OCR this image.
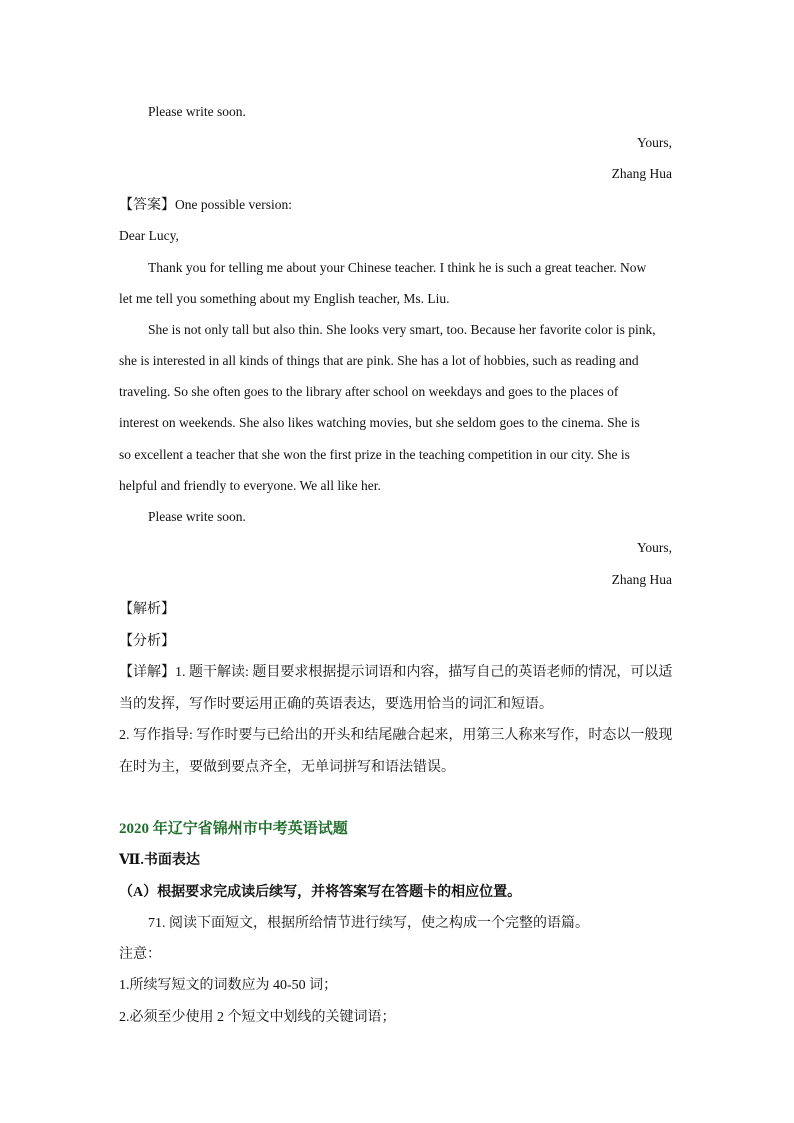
Please write soon.
Yours,
Zhang Hua
【答案】One possible version:
Dear Lucy,
Thank you for telling me about your Chinese teacher. I think he is such a great teacher. Now
let me tell you something about my English teacher, Ms. Liu.
She is not only tall but also thin. She looks very smart, too. Because her favorite color is pink,
she is interested in all kinds of things that are pink. She has a lot of hobbies, such as reading and
traveling. So she often goes to the library after school on weekdays and goes to the places of
interest on weekends. She also likes watching movies, but she seldom goes to the cinema. She is
so excellent a teacher that she won the first prize in the teaching competition in our city. She is
helpful and friendly to everyone. We all like her.
Please write soon.
Yours,
Zhang Hua
【解析】
【分析】
【详解】1. 题干解读: 题目要求根据提示词语和内容，描写自己的英语老师的情况，可以适
当的发挥，写作时要运用正确的英语表达，要选用恰当的词汇和短语。
2. 写作指导: 写作时要与已给出的开头和结尾融合起来，用第三人称来写作，时态以一般现
在时为主，要做到要点齐全，无单词拼写和语法错误。
2020 年辽宁省锦州市中考英语试题
Ⅶ.书面表达
（A）根据要求完成读后续写，并将答案写在答题卡的相应位置。
71. 阅读下面短文，根据所给情节进行续写，使之构成一个完整的语篇。
注意：
1.所续写短文的词数应为 40-50 词；
2.必须至少使用 2 个短文中划线的关键词语；
